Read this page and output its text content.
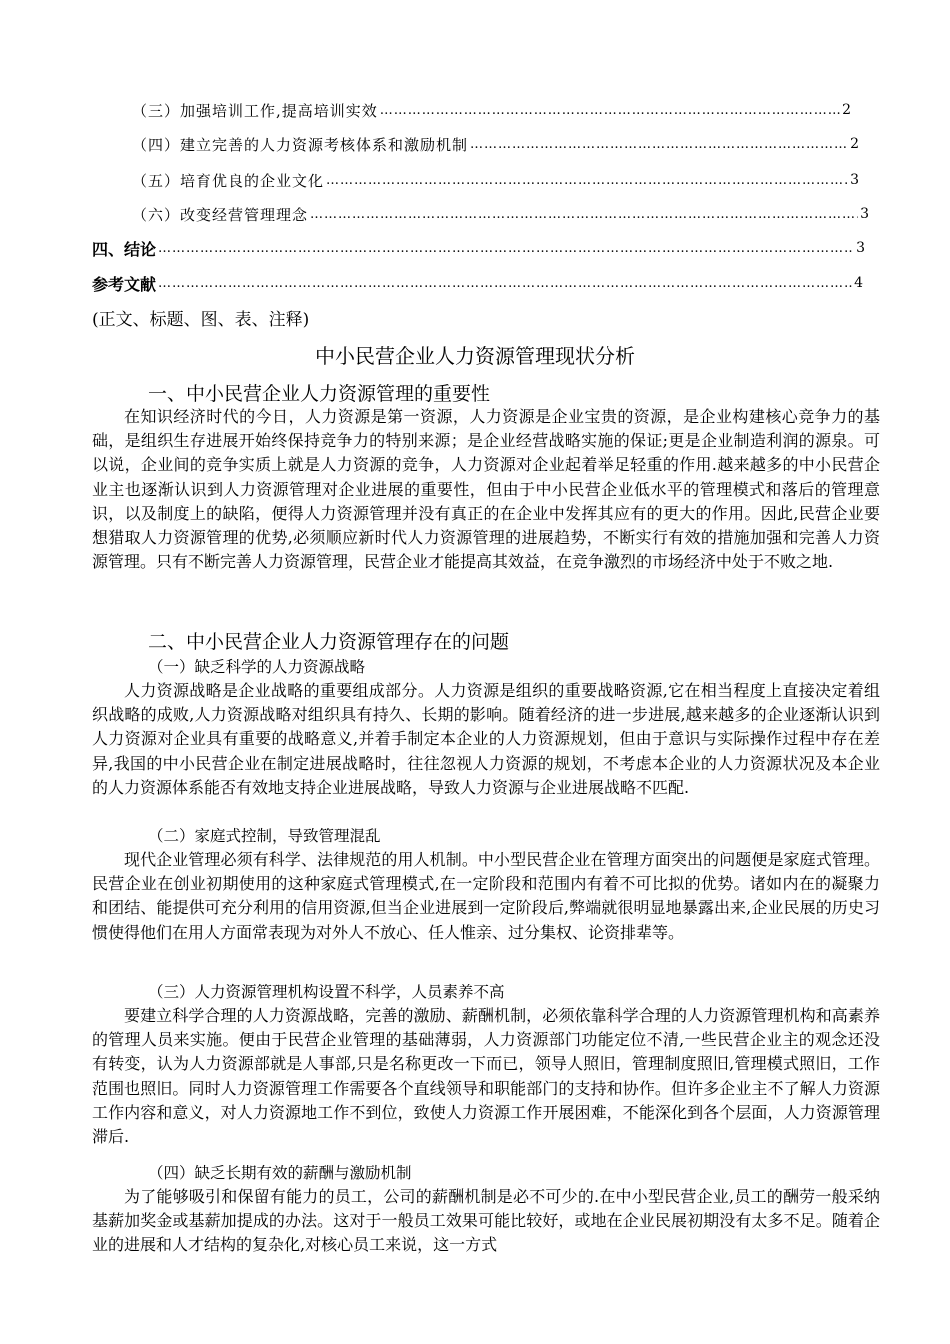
（三）加强培训工作,提高培训实效 ……………………………………………………………………………………………………………………………………………………………………………………	2
（四）建立完善的人力资源考核体系和激励机制 ……………………………………………………………………………………………………………………………………………………………………………………	2
（五）培育优良的企业文化 ……………………………………………………………………………………………………………………………………………………………………………………	3
（六）改变经营管理理念 ……………………………………………………………………………………………………………………………………………………………………………………	3
四、结论 ……………………………………………………………………………………………………………………………………………………………………………………	3
参考文献 ……………………………………………………………………………………………………………………………………………………………………………………	4
(正文、标题、图、表、注释)
中小民营企业人力资源管理现状分析
一、中小民营企业人力资源管理的重要性

在知识经济时代的今日，人力资源是第一资源，人力资源是企业宝贵的资源，是企业构建核心竞争力的基础，是组织生存进展开始终保持竞争力的特别来源；是企业经营战略实施的保证;更是企业制造利润的源泉。可以说，企业间的竞争实质上就是人力资源的竞争，人力资源对企业起着举足轻重的作用.越来越多的中小民营企业主也逐渐认识到人力资源管理对企业进展的重要性，但由于中小民营企业低水平的管理模式和落后的管理意识，以及制度上的缺陷，便得人力资源管理并没有真正的在企业中发挥其应有的更大的作用。因此,民营企业要想猎取人力资源管理的优势,必须顺应新时代人力资源管理的进展趋势，不断实行有效的措施加强和完善人力资源管理。只有不断完善人力资源管理，民营企业才能提高其效益，在竞争激烈的市场经济中处于不败之地.

二、中小民营企业人力资源管理存在的问题
（一）缺乏科学的人力资源战略

人力资源战略是企业战略的重要组成部分。人力资源是组织的重要战略资源,它在相当程度上直接决定着组织战略的成败,人力资源战略对组织具有持久、长期的影响。随着经济的进一步进展,越来越多的企业逐渐认识到人力资源对企业具有重要的战略意义,并着手制定本企业的人力资源规划，但由于意识与实际操作过程中存在差异,我国的中小民营企业在制定进展战略时，往往忽视人力资源的规划，不考虑本企业的人力资源状况及本企业的人力资源体系能否有效地支持企业进展战略，导致人力资源与企业进展战略不匹配.

（二）家庭式控制，导致管理混乱

现代企业管理必须有科学、法律规范的用人机制。中小型民营企业在管理方面突出的问题便是家庭式管理。民营企业在创业初期使用的这种家庭式管理模式,在一定阶段和范围内有着不可比拟的优势。诸如内在的凝聚力和团结、能提供可充分利用的信用资源,但当企业进展到一定阶段后,弊端就很明显地暴露出来,企业民展的历史习惯使得他们在用人方面常表现为对外人不放心、任人惟亲、过分集权、论资排辈等。

（三）人力资源管理机构设置不科学，人员素养不高

要建立科学合理的人力资源战略，完善的激励、薪酬机制，必须依靠科学合理的人力资源管理机构和高素养的管理人员来实施。便由于民营企业管理的基础薄弱，人力资源部门功能定位不清,一些民营企业主的观念还没有转变，认为人力资源部就是人事部,只是名称更改一下而已，领导人照旧，管理制度照旧,管理模式照旧，工作范围也照旧。同时人力资源管理工作需要各个直线领导和职能部门的支持和协作。但许多企业主不了解人力资源工作内容和意义，对人力资源地工作不到位，致使人力资源工作开展困难，不能深化到各个层面，人力资源管理滞后.

（四）缺乏长期有效的薪酬与激励机制

为了能够吸引和保留有能力的员工，公司的薪酬机制是必不可少的.在中小型民营企业,员工的酬劳一般采纳基薪加奖金或基薪加提成的办法。这对于一般员工效果可能比较好，或地在企业民展初期没有太多不足。随着企业的进展和人才结构的复杂化,对核心员工来说，这一方式
